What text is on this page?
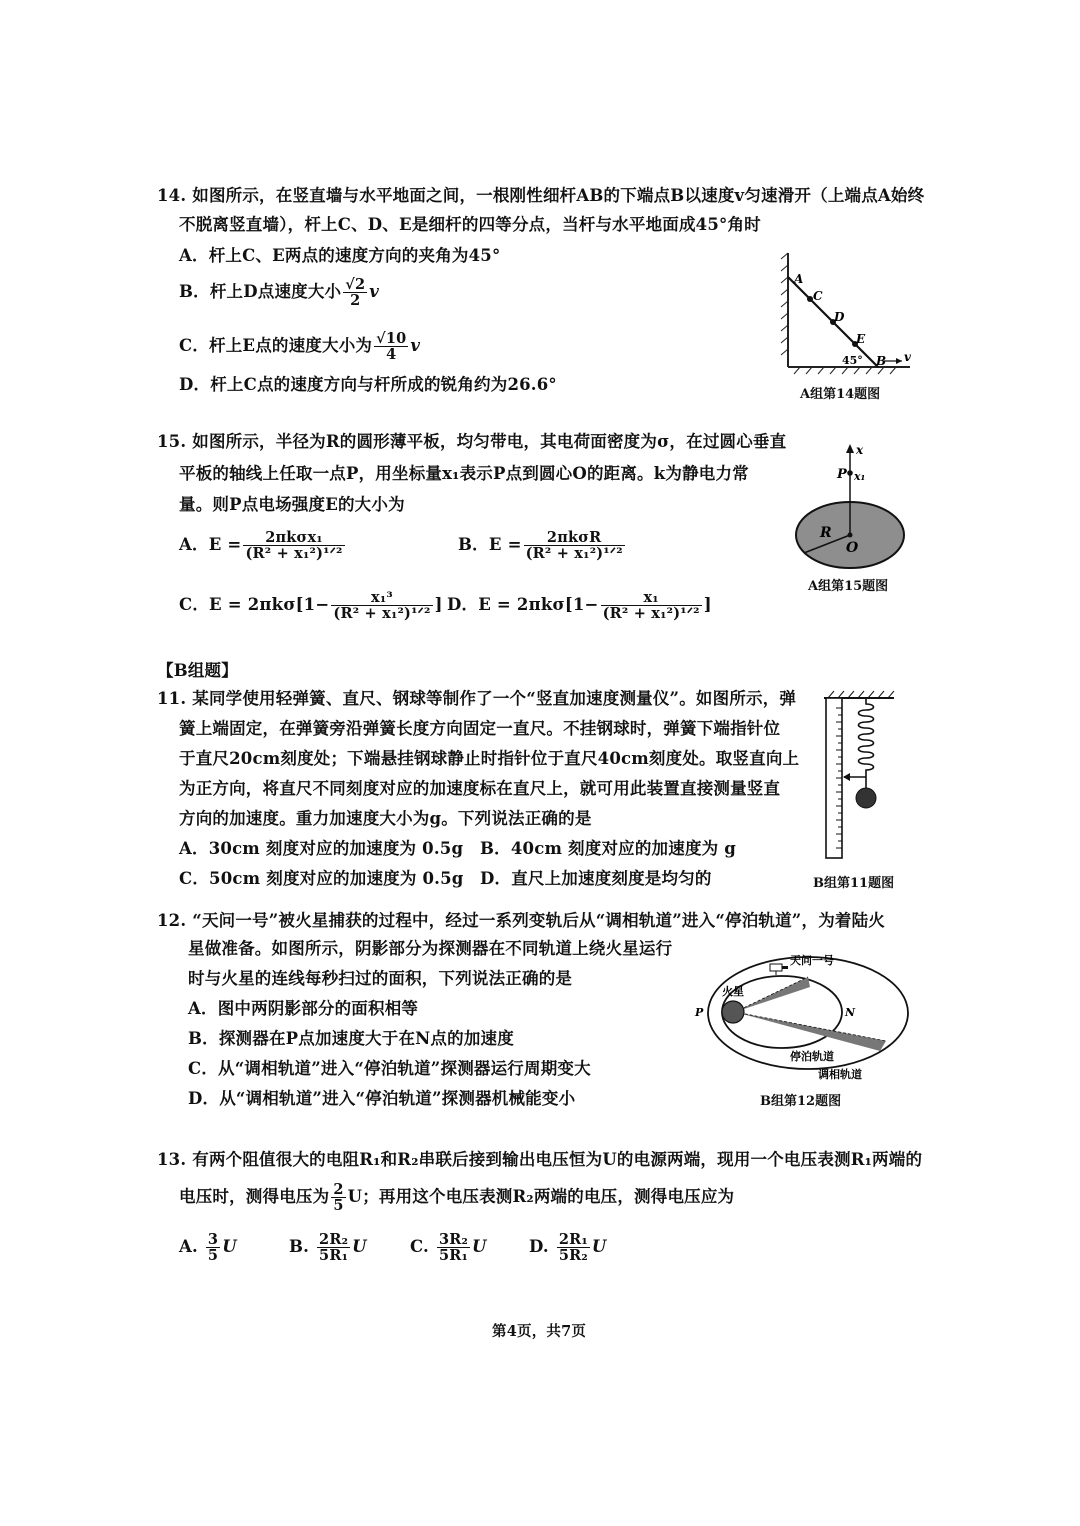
14. 如图所示，在竖直墙与水平地面之间，一根刚性细杆AB的下端点B以速度v匀速滑开（上端点A始终
不脱离竖直墙），杆上C、D、E是细杆的四等分点，当杆与水平地面成45°角时
A．杆上C、E两点的速度方向的夹角为45°
B．杆上D点速度大小 $\frac{√2}{2}$ v
C．杆上E点的速度大小为 $\frac{√10}{4}$ v
D．杆上C点的速度方向与杆所成的锐角约为26.6°
A
C
D
E
45° B v
A组第14题图
15. 如图所示，半径为R的圆形薄平板，均匀带电，其电荷面密度为σ，在过圆心垂直
平板的轴线上任取一点P，用坐标量x₁表示P点到圆心O的距离。k为静电力常
量。则P点电场强度E的大小为
A．$E = \frac{\text{2πkσx₁}}{\text{(R² + x₁²)¹ᐟ²}}$	B．$E = \frac{\text{2πkσR}}{\text{(R² + x₁²)¹ᐟ²}}$
C．$E = 2\pi k\sigma[1- \frac{\text{x₁³}}{\text{(R² + x₁²)¹ᐟ²}}$ ] D．$E = 2\pi k\sigma[1- \frac{\text{x₁}}{\text{(R² + x₁²)¹ᐟ²}}$ ]
x
P x₁
R
O
A组第15题图
【B组题】
11. 某同学使用轻弹簧、直尺、钢球等制作了一个“竖直加速度测量仪”。如图所示，弹
簧上端固定，在弹簧旁沿弹簧长度方向固定一直尺。不挂钢球时，弹簧下端指针位
于直尺20cm刻度处；下端悬挂钢球静止时指针位于直尺40cm刻度处。取竖直向上
为正方向，将直尺不同刻度对应的加速度标在直尺上，就可用此装置直接测量竖直
方向的加速度。重力加速度大小为g。下列说法正确的是
A．30cm 刻度对应的加速度为 0.5g B．40cm 刻度对应的加速度为 g
C．50cm 刻度对应的加速度为 0.5g D．直尺上加速度刻度是均匀的	B组第11题图
12. “天问一号”被火星捕获的过程中，经过一系列变轨后从“调相轨道”进入“停泊轨道”，为着陆火
星做准备。如图所示，阴影部分为探测器在不同轨道上绕火星运行
时与火星的连线每秒扫过的面积，下列说法正确的是
A．图中两阴影部分的面积相等
B．探测器在P点加速度大于在N点的加速度
C．从“调相轨道”进入“停泊轨道”探测器运行周期变大
D．从“调相轨道”进入“停泊轨道”探测器机械能变小
天问一号
火星
P	N
停泊轨道
调相轨道
B组第12题图
13. 有两个阻值很大的电阻R₁和R₂串联后接到输出电压恒为U的电源两端，现用一个电压表测R₁两端的
电压时，测得电压为 $\frac{2}{5}$ U；再用这个电压表测R₂两端的电压，测得电压应为
A. $\frac{3}{5}$ U	B. $\frac{\text{2R₂}}{\text{5R₁}}$ U	C. $\frac{\text{3R₂}}{\text{5R₁}}$ U	D. $\frac{\text{2R₁}}{\text{5R₂}}$ U
第4页，共7页
